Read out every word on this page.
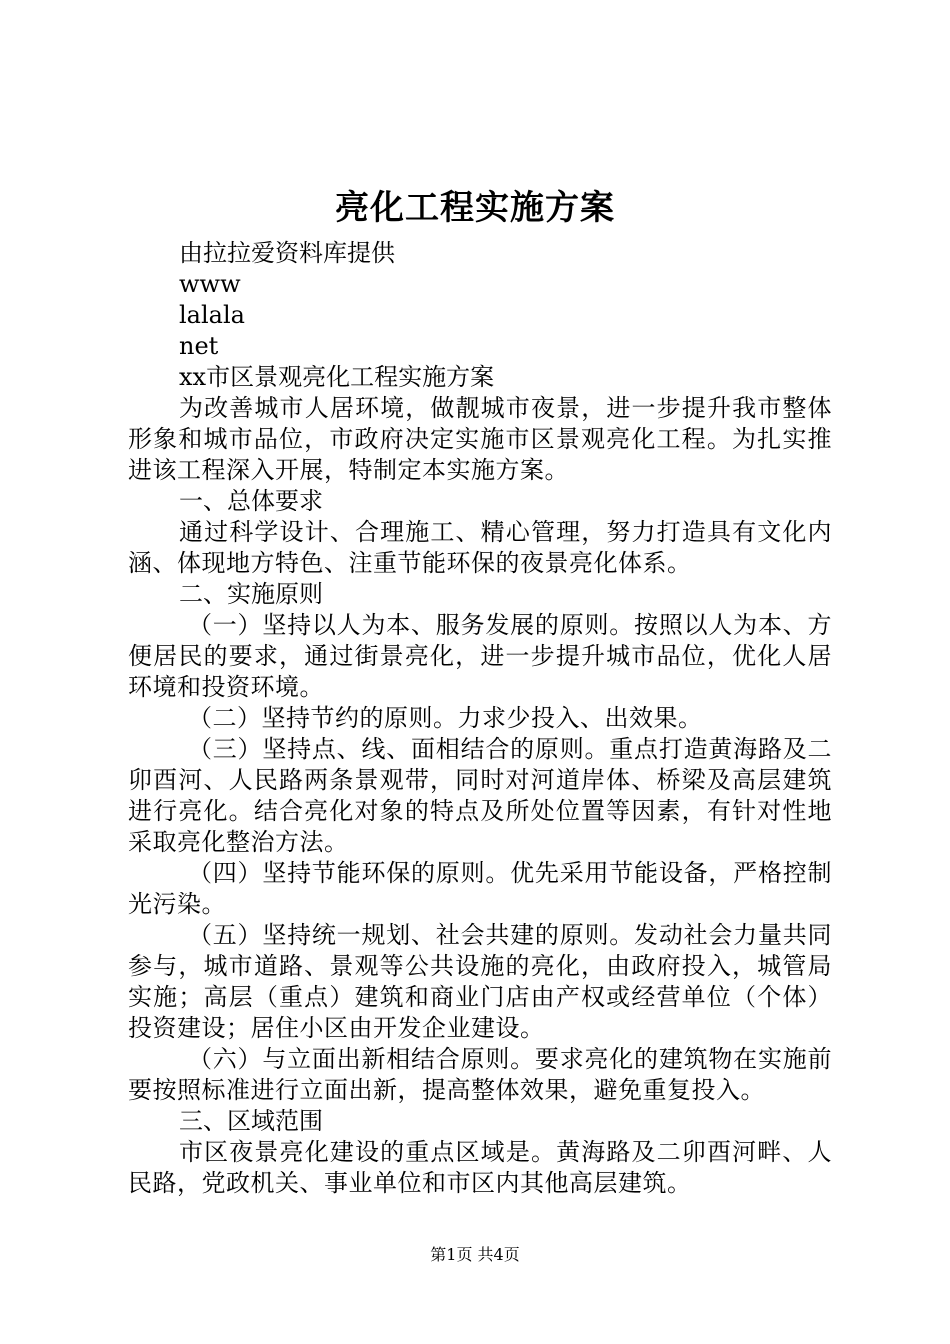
亮化工程实施方案
由拉拉爱资料库提供
www
lalala
net
xx市区景观亮化工程实施方案
为改善城市人居环境，做靓城市夜景，进一步提升我市整体形象和城市品位，市政府决定实施市区景观亮化工程。为扎实推进该工程深入开展，特制定本实施方案。
一、总体要求
通过科学设计、合理施工、精心管理，努力打造具有文化内涵、体现地方特色、注重节能环保的夜景亮化体系。
二、实施原则
（一）坚持以人为本、服务发展的原则。按照以人为本、方便居民的要求，通过街景亮化，进一步提升城市品位，优化人居环境和投资环境。
（二）坚持节约的原则。力求少投入、出效果。
（三）坚持点、线、面相结合的原则。重点打造黄海路及二卯酉河、人民路两条景观带，同时对河道岸体、桥梁及高层建筑进行亮化。结合亮化对象的特点及所处位置等因素，有针对性地采取亮化整治方法。
（四）坚持节能环保的原则。优先采用节能设备，严格控制光污染。
（五）坚持统一规划、社会共建的原则。发动社会力量共同参与，城市道路、景观等公共设施的亮化，由政府投入，城管局实施；高层（重点）建筑和商业门店由产权或经营单位（个体）投资建设；居住小区由开发企业建设。
（六）与立面出新相结合原则。要求亮化的建筑物在实施前要按照标准进行立面出新，提高整体效果，避免重复投入。
三、区域范围
市区夜景亮化建设的重点区域是。黄海路及二卯酉河畔、人民路，党政机关、事业单位和市区内其他高层建筑。
第1页 共4页
